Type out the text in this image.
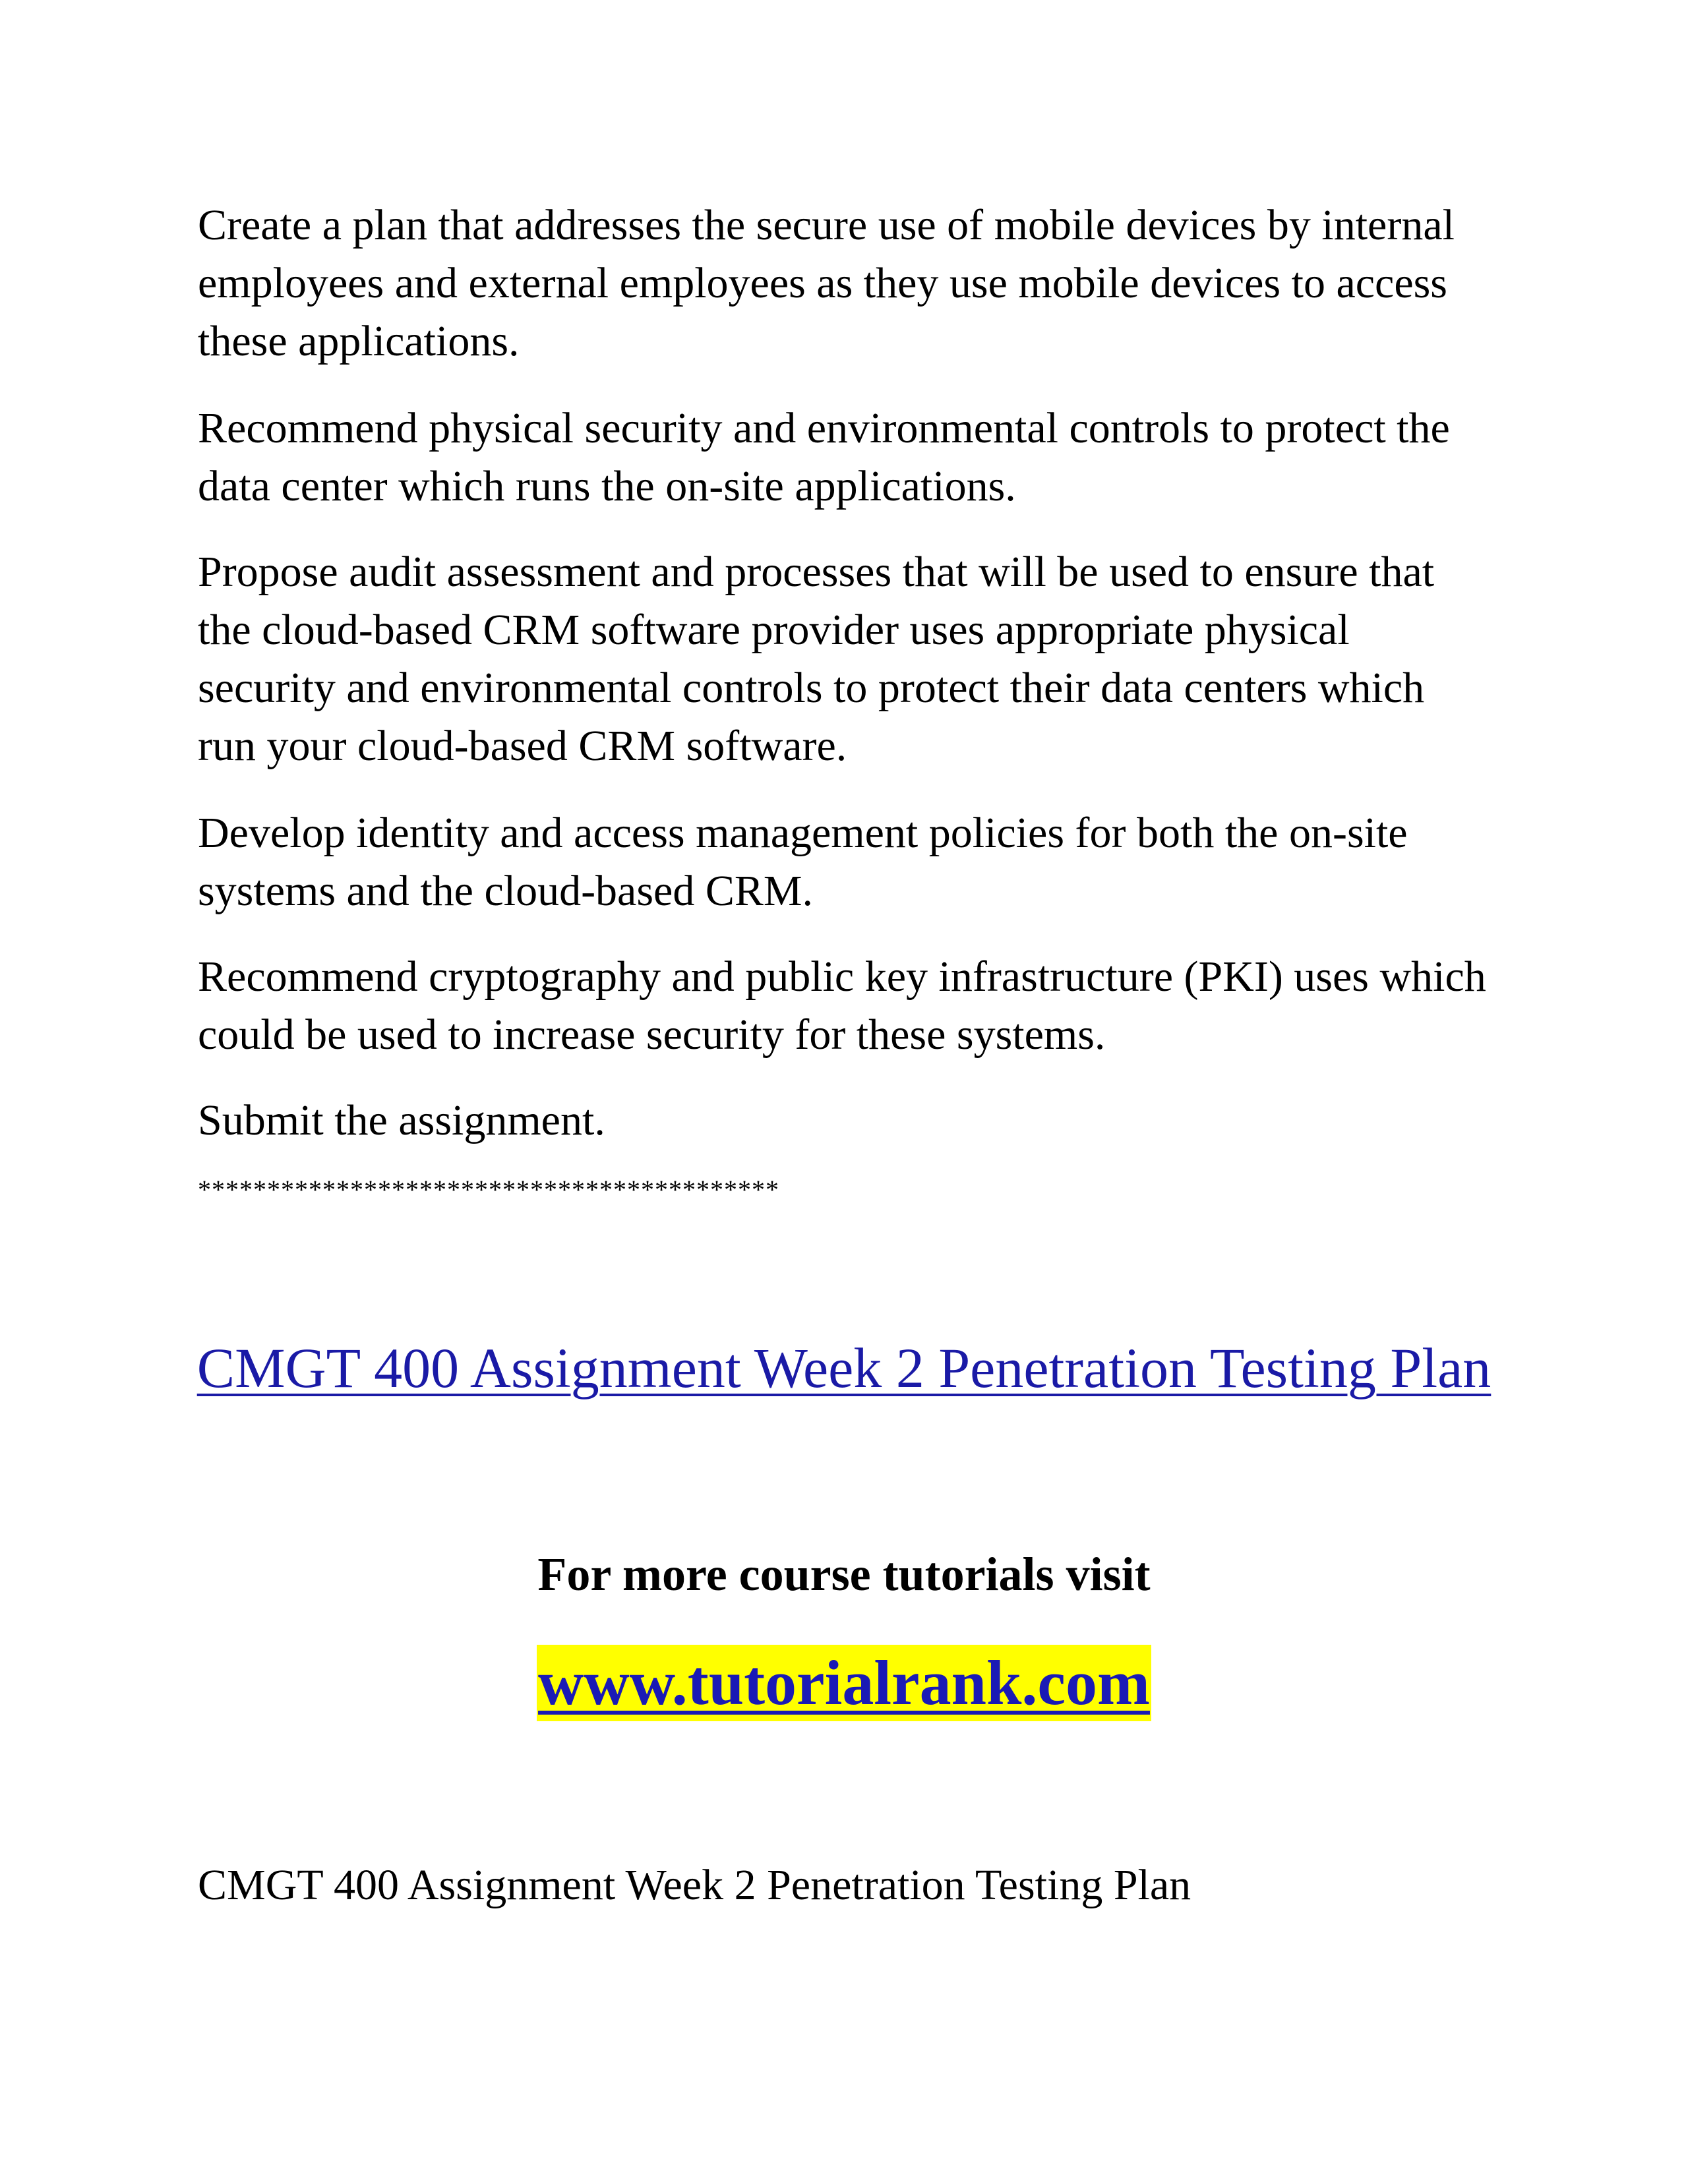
Create a plan that addresses the secure use of mobile devices by internal employees and external employees as they use mobile devices to access these applications.

Recommend physical security and environmental controls to protect the data center which runs the on-site applications.

Propose audit assessment and processes that will be used to ensure that the cloud-based CRM software provider uses appropriate physical security and environmental controls to protect their data centers which run your cloud-based CRM software.

Develop identity and access management policies for both the on-site systems and the cloud-based CRM.

Recommend cryptography and public key infrastructure (PKI) uses which could be used to increase security for these systems.

Submit the assignment.

******************************************
CMGT 400 Assignment Week 2 Penetration Testing Plan
For more course tutorials visit
www.tutorialrank.com
CMGT 400 Assignment Week 2 Penetration Testing Plan
